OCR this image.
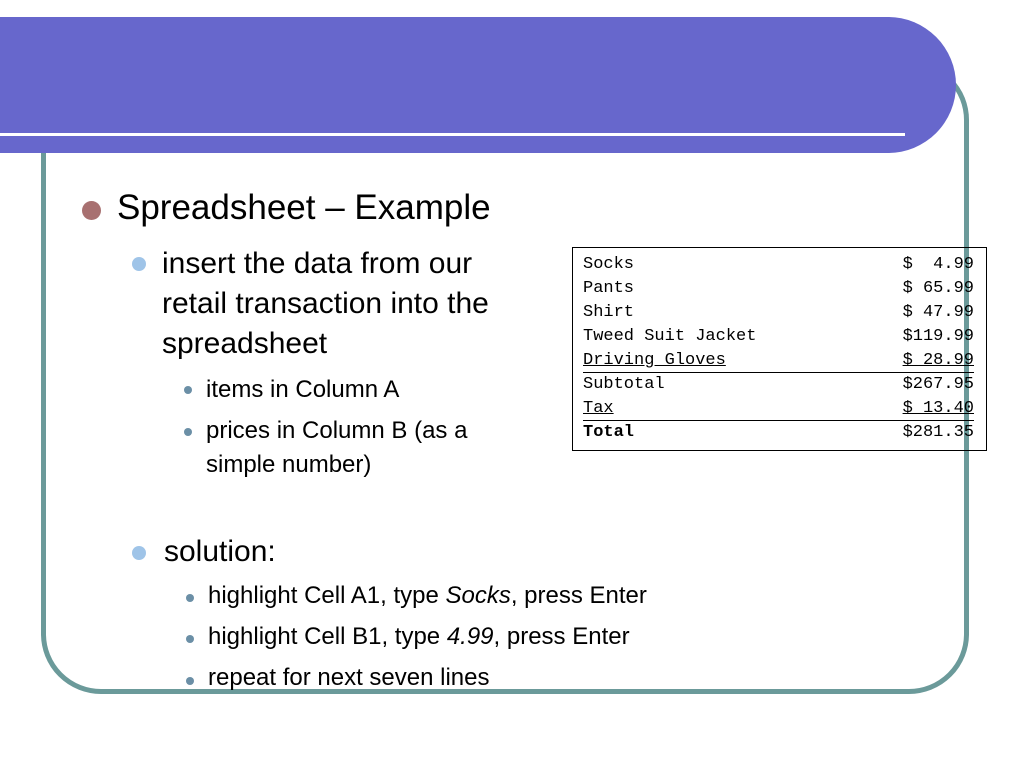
Spreadsheet – Example
insert the data from our retail transaction into the spreadsheet
items in Column A
prices in Column B (as a simple number)
solution:
highlight Cell A1, type Socks, press Enter
highlight Cell B1, type 4.99, press Enter
repeat for next seven lines
Socks	$  4.99
Pants	$ 65.99
Shirt	$ 47.99
Tweed Suit Jacket	$119.99
Driving Gloves	$ 28.99
Subtotal	$267.95
Tax	$ 13.40
Total	$281.35
